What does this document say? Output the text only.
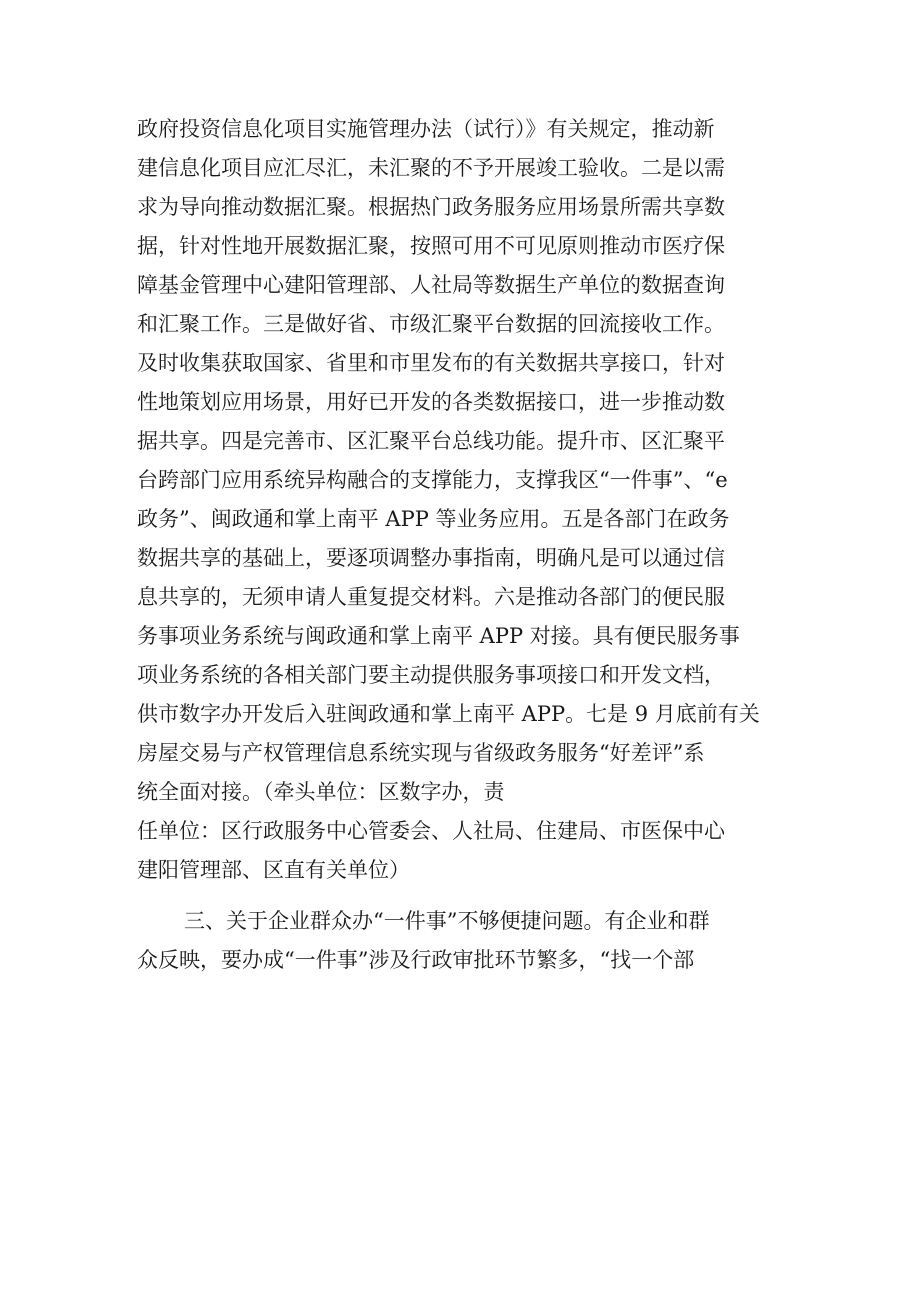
政府投资信息化项目实施管理办法（试行）》有关规定，推动新
建信息化项目应汇尽汇，未汇聚的不予开展竣工验收。二是以需
求为导向推动数据汇聚。根据热门政务服务应用场景所需共享数
据，针对性地开展数据汇聚，按照可用不可见原则推动市医疗保
障基金管理中心建阳管理部、人社局等数据生产单位的数据查询
和汇聚工作。三是做好省、市级汇聚平台数据的回流接收工作。
及时收集获取国家、省里和市里发布的有关数据共享接口，针对
性地策划应用场景，用好已开发的各类数据接口，进一步推动数
据共享。四是完善市、区汇聚平台总线功能。提升市、区汇聚平
台跨部门应用系统异构融合的支撑能力，支撑我区“一件事”、“e
政务”、闽政通和掌上南平 APP 等业务应用。五是各部门在政务
数据共享的基础上，要逐项调整办事指南，明确凡是可以通过信
息共享的，无须申请人重复提交材料。六是推动各部门的便民服
务事项业务系统与闽政通和掌上南平 APP 对接。具有便民服务事
项业务系统的各相关部门要主动提供服务事项接口和开发文档，
供市数字办开发后入驻闽政通和掌上南平 APP。七是 9 月底前有关
房屋交易与产权管理信息系统实现与省级政务服务“好差评”系
统全面对接。（牵头单位：区数字办，责
任单位：区行政服务中心管委会、人社局、住建局、市医保中心
建阳管理部、区直有关单位）
三、关于企业群众办“一件事”不够便捷问题。有企业和群
众反映，要办成“一件事”涉及行政审批环节繁多，“找一个部
